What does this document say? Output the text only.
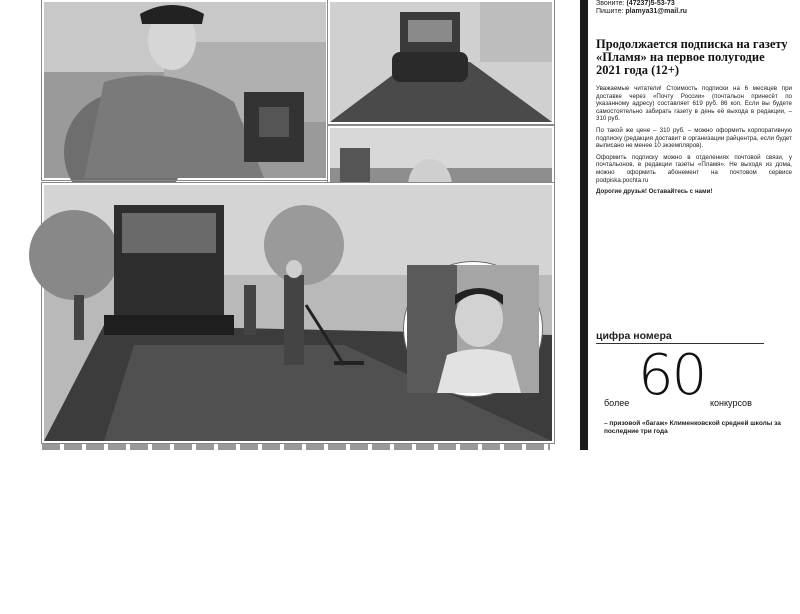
Фото Григория КОНШИНА
Звоните: (47237)5-53-73
Пишите: plamya31@mail.ru
Продолжается подписка на газету «Пламя» на первое полугодие 2021 года (12+)

Уважаемые читатели! Стоимость подписки на 6 месяцев при доставке через «Почту России» (почтальон принесёт по указанному адресу) составляет 619 руб. 86 коп. Если вы будете самостоятельно забирать газету в день её выхода в редакции, – 310 руб.

По такой же цене – 310 руб. – можно оформить корпоративную подписку (редакция доставит в организации райцентра, если будет выписано не менее 10 экземпляров).

Оформить подписку можно в отделениях почтовой связи, у почтальонов, в редакции газеты «Пламя». Не выходя из дома, можно оформить абонемент на почтовом сервисе podpiska.pochta.ru

Дорогие друзья! Оставайтесь с нами!

цифра номера
более 60 конкурсов
– призовой «багаж» Клименковской средней школы за последние три года
